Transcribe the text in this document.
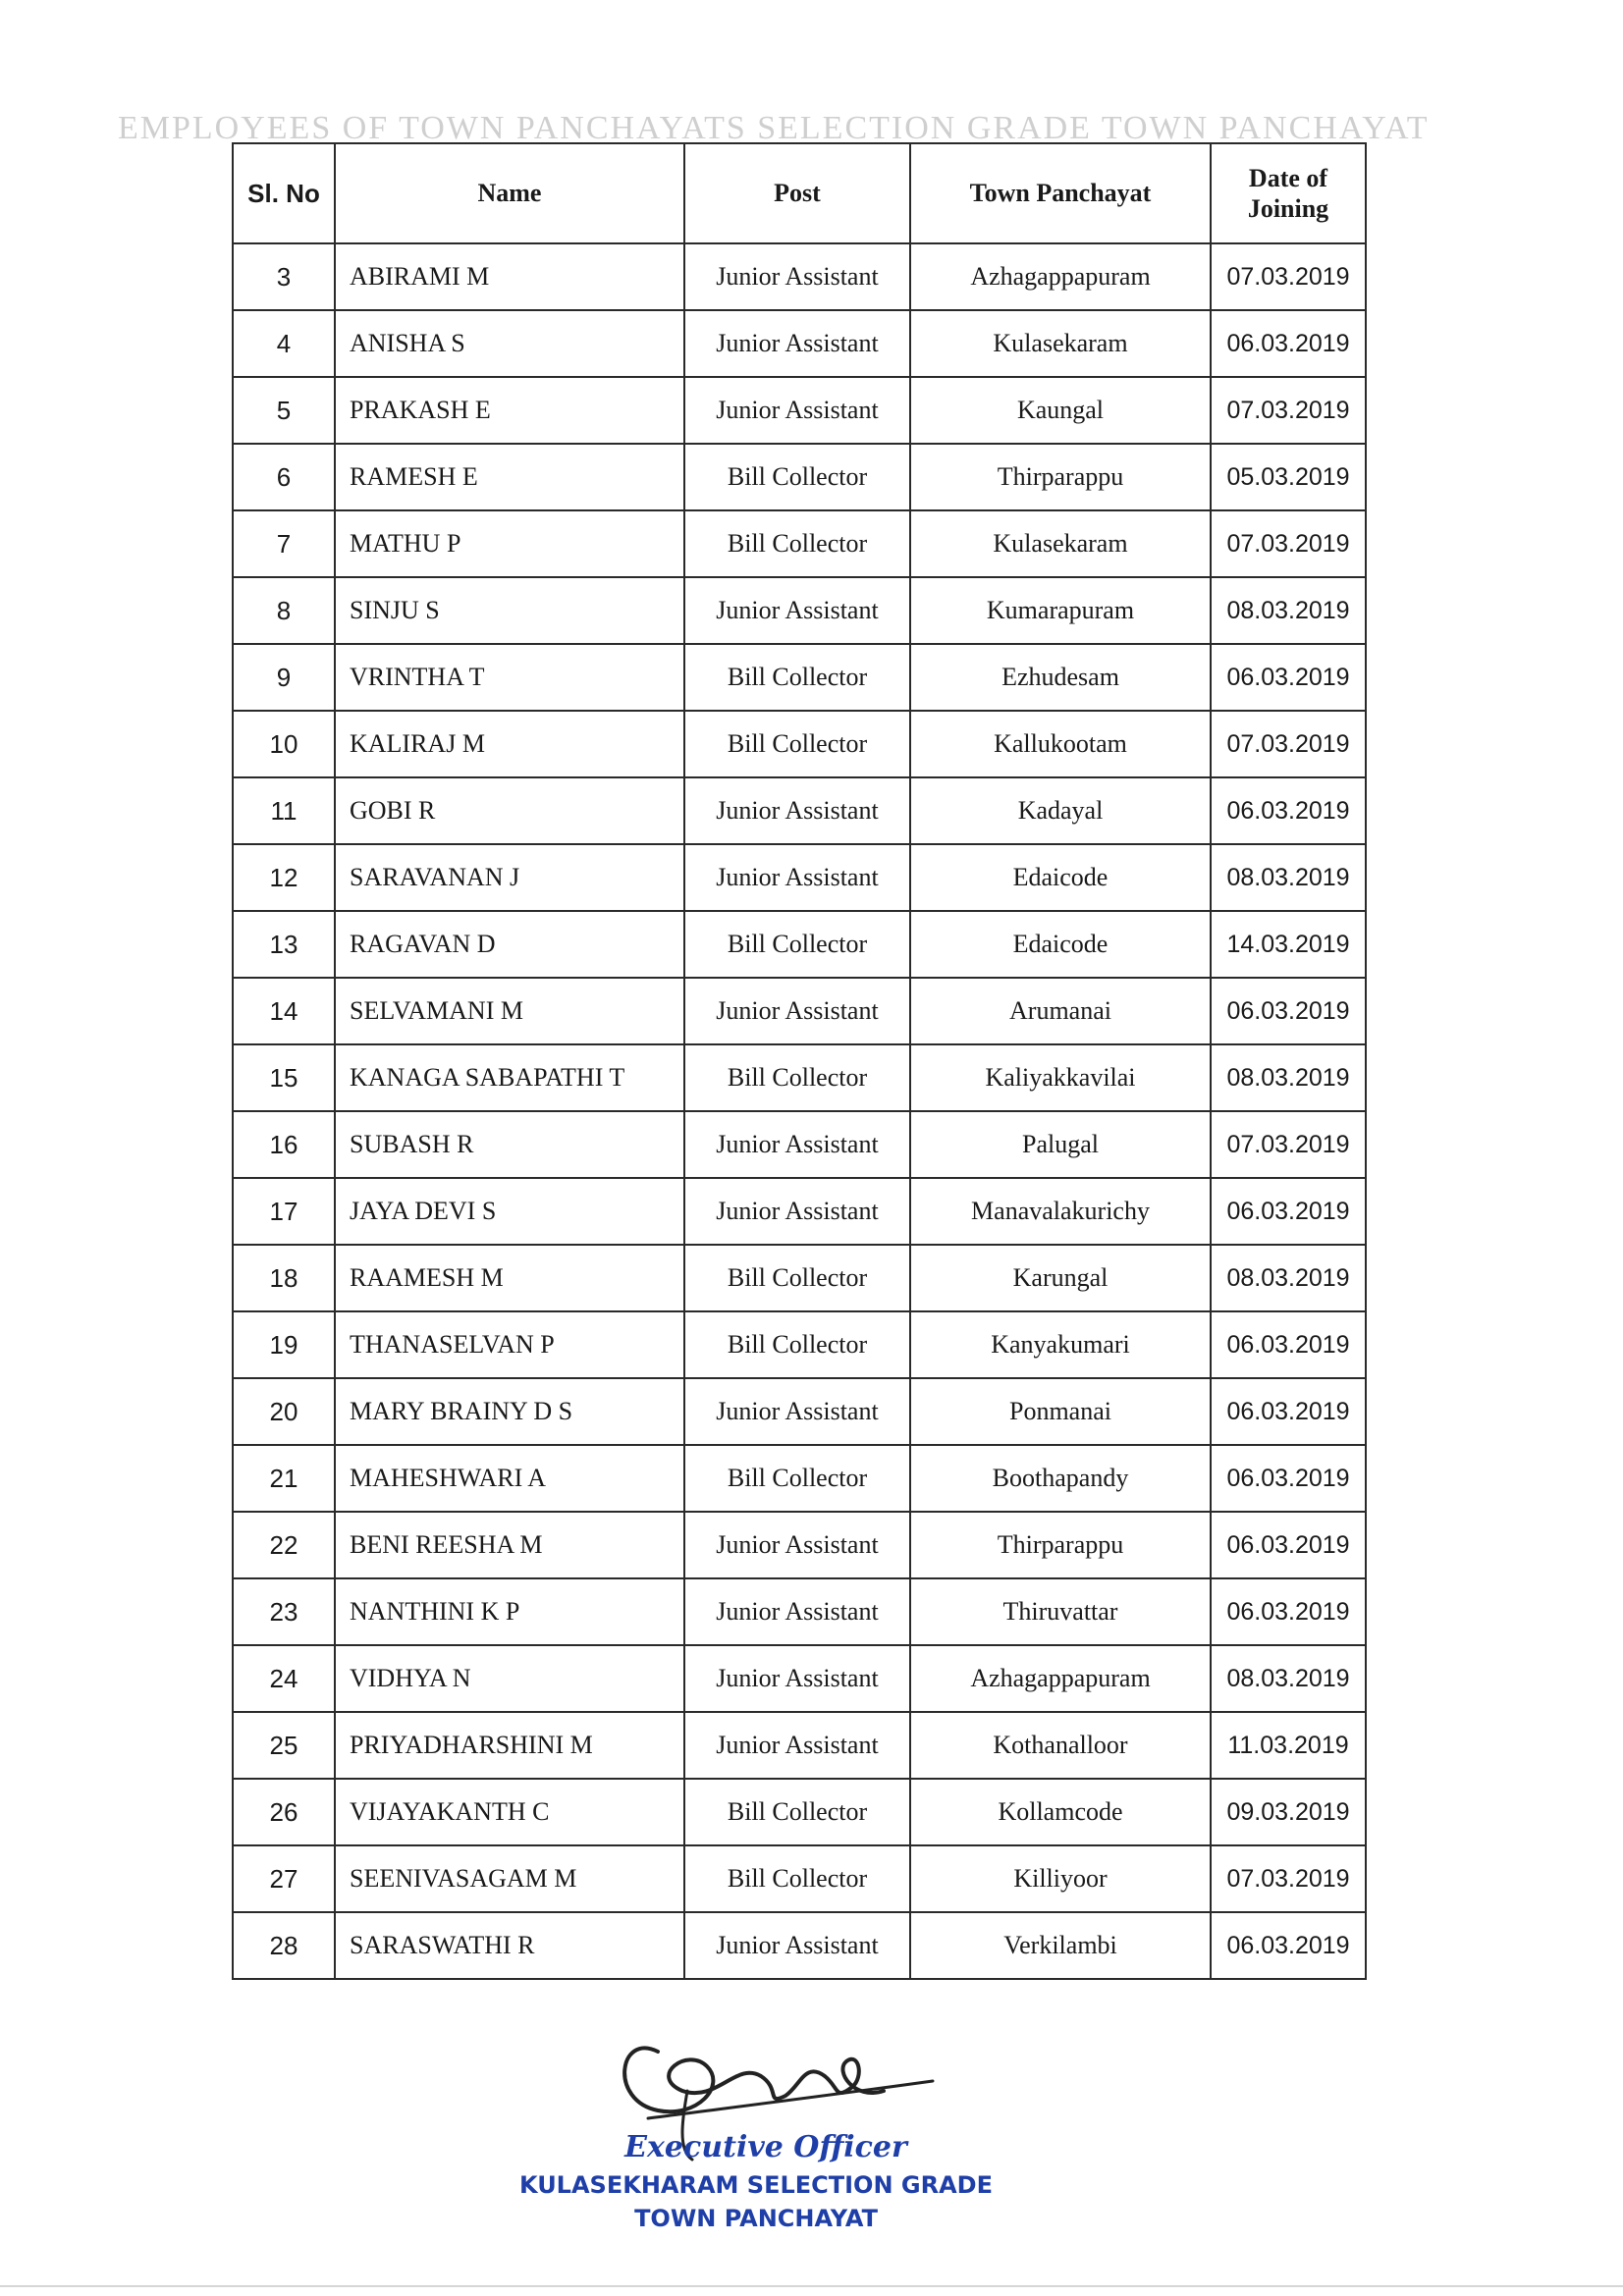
EMPLOYEES OF TOWN PANCHAYATS SELECTION GRADE TOWN PANCHAYAT
Sl. No	Name	Post	Town Panchayat	Date of Joining
3	ABIRAMI M	Junior Assistant	Azhagappapuram	07.03.2019
4	ANISHA S	Junior Assistant	Kulasekaram	06.03.2019
5	PRAKASH E	Junior Assistant	Kaungal	07.03.2019
6	RAMESH E	Bill Collector	Thirparappu	05.03.2019
7	MATHU P	Bill Collector	Kulasekaram	07.03.2019
8	SINJU S	Junior Assistant	Kumarapuram	08.03.2019
9	VRINTHA T	Bill Collector	Ezhudesam	06.03.2019
10	KALIRAJ M	Bill Collector	Kallukootam	07.03.2019
11	GOBI R	Junior Assistant	Kadayal	06.03.2019
12	SARAVANAN J	Junior Assistant	Edaicode	08.03.2019
13	RAGAVAN D	Bill Collector	Edaicode	14.03.2019
14	SELVAMANI M	Junior Assistant	Arumanai	06.03.2019
15	KANAGA SABAPATHI T	Bill Collector	Kaliyakkavilai	08.03.2019
16	SUBASH R	Junior Assistant	Palugal	07.03.2019
17	JAYA DEVI S	Junior Assistant	Manavalakurichy	06.03.2019
18	RAAMESH M	Bill Collector	Karungal	08.03.2019
19	THANASELVAN P	Bill Collector	Kanyakumari	06.03.2019
20	MARY BRAINY D S	Junior Assistant	Ponmanai	06.03.2019
21	MAHESHWARI A	Bill Collector	Boothapandy	06.03.2019
22	BENI REESHA M	Junior Assistant	Thirparappu	06.03.2019
23	NANTHINI K P	Junior Assistant	Thiruvattar	06.03.2019
24	VIDHYA N	Junior Assistant	Azhagappapuram	08.03.2019
25	PRIYADHARSHINI M	Junior Assistant	Kothanalloor	11.03.2019
26	VIJAYAKANTH C	Bill Collector	Kollamcode	09.03.2019
27	SEENIVASAGAM M	Bill Collector	Killiyoor	07.03.2019
28	SARASWATHI R	Junior Assistant	Verkilambi	06.03.2019
Executive Officer
KULASEKHARAM SELECTION GRADE
TOWN PANCHAYAT
